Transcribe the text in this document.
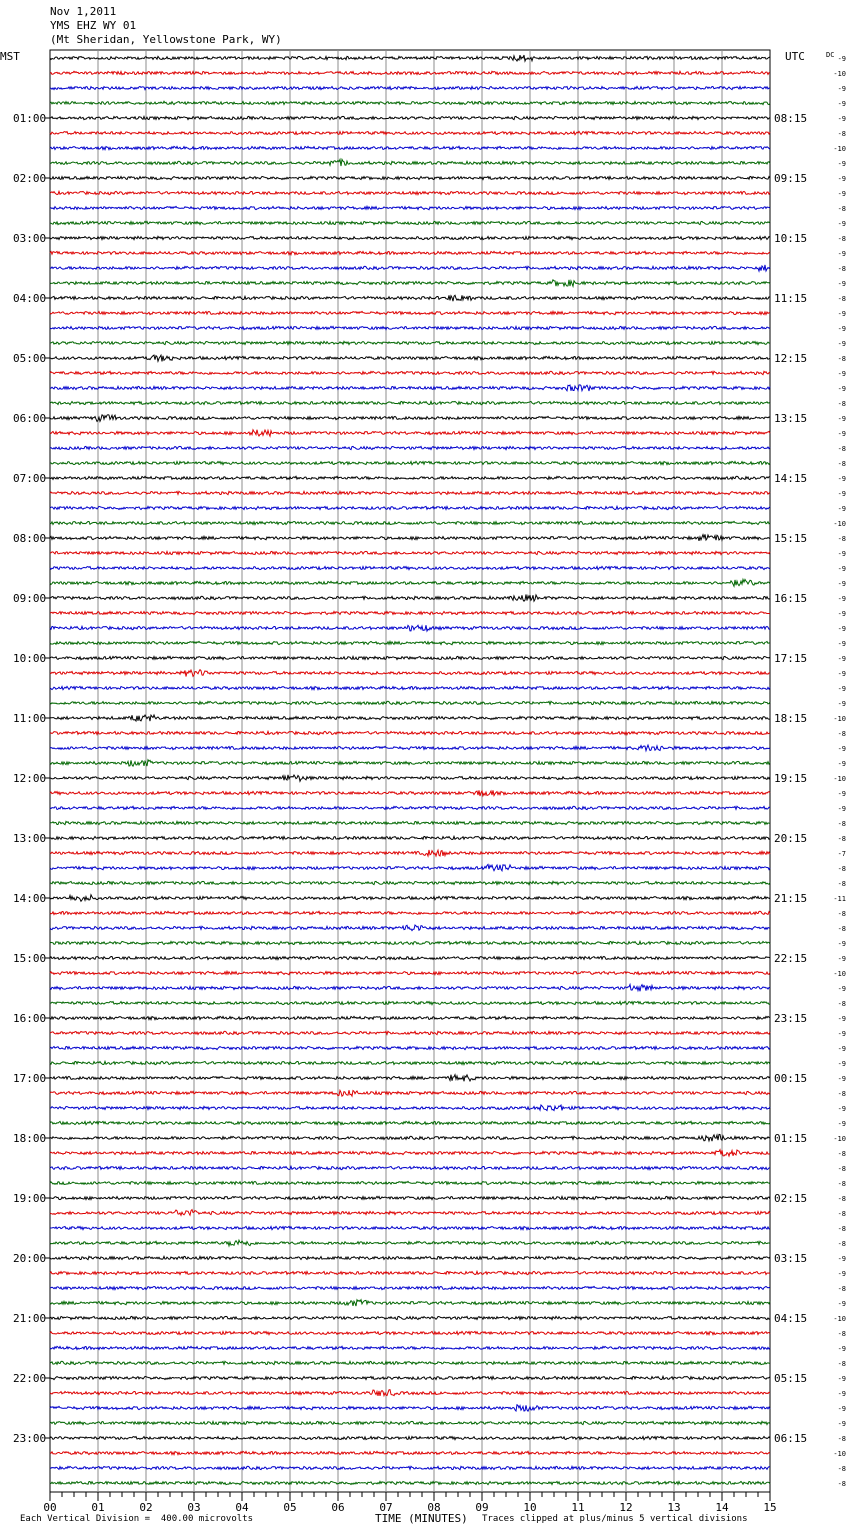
Nov 1,2011
YMS EHZ WY 01
(Mt Sheridan, Yellowstone Park, WY)
MST	UTC	DC
01:00
02:00
03:00
04:00
05:00
06:00
07:00
08:00
09:00
10:00
11:00
12:00
13:00
14:00
15:00
16:00
17:00
18:00
19:00
20:00
21:00
22:00
23:00
08:15
09:15
10:15
11:15
12:15
13:15
14:15
15:15
16:15
17:15
18:15
19:15
20:15
21:15
22:15
23:15
00:15
01:15
02:15
03:15
04:15
05:15
06:15
-9
-10
-9
-9
-9
-8
-10
-9
-9
-9
-8
-9
-8
-9
-8
-9
-8
-9
-9
-9
-8
-9
-9
-8
-9
-9
-8
-8
-9
-9
-9
-10
-8
-9
-9
-9
-9
-9
-9
-9
-9
-9
-9
-9
-10
-8
-9
-9
-10
-9
-9
-8
-8
-7
-8
-8
-11
-8
-8
-9
-9
-10
-9
-8
-9
-9
-9
-9
-9
-8
-9
-9
-10
-8
-8
-8
-8
-8
-8
-8
-9
-9
-8
-9
-10
-8
-9
-8
-9
-9
-9
-9
-8
-10
-8
-8
00	01	02	03	04	05	06	07	08	09	10	11	12	13	14	15
Each Vertical Division =  400.00 microvolts	TIME (MINUTES) Traces clipped at plus/minus 5 vertical divisions
